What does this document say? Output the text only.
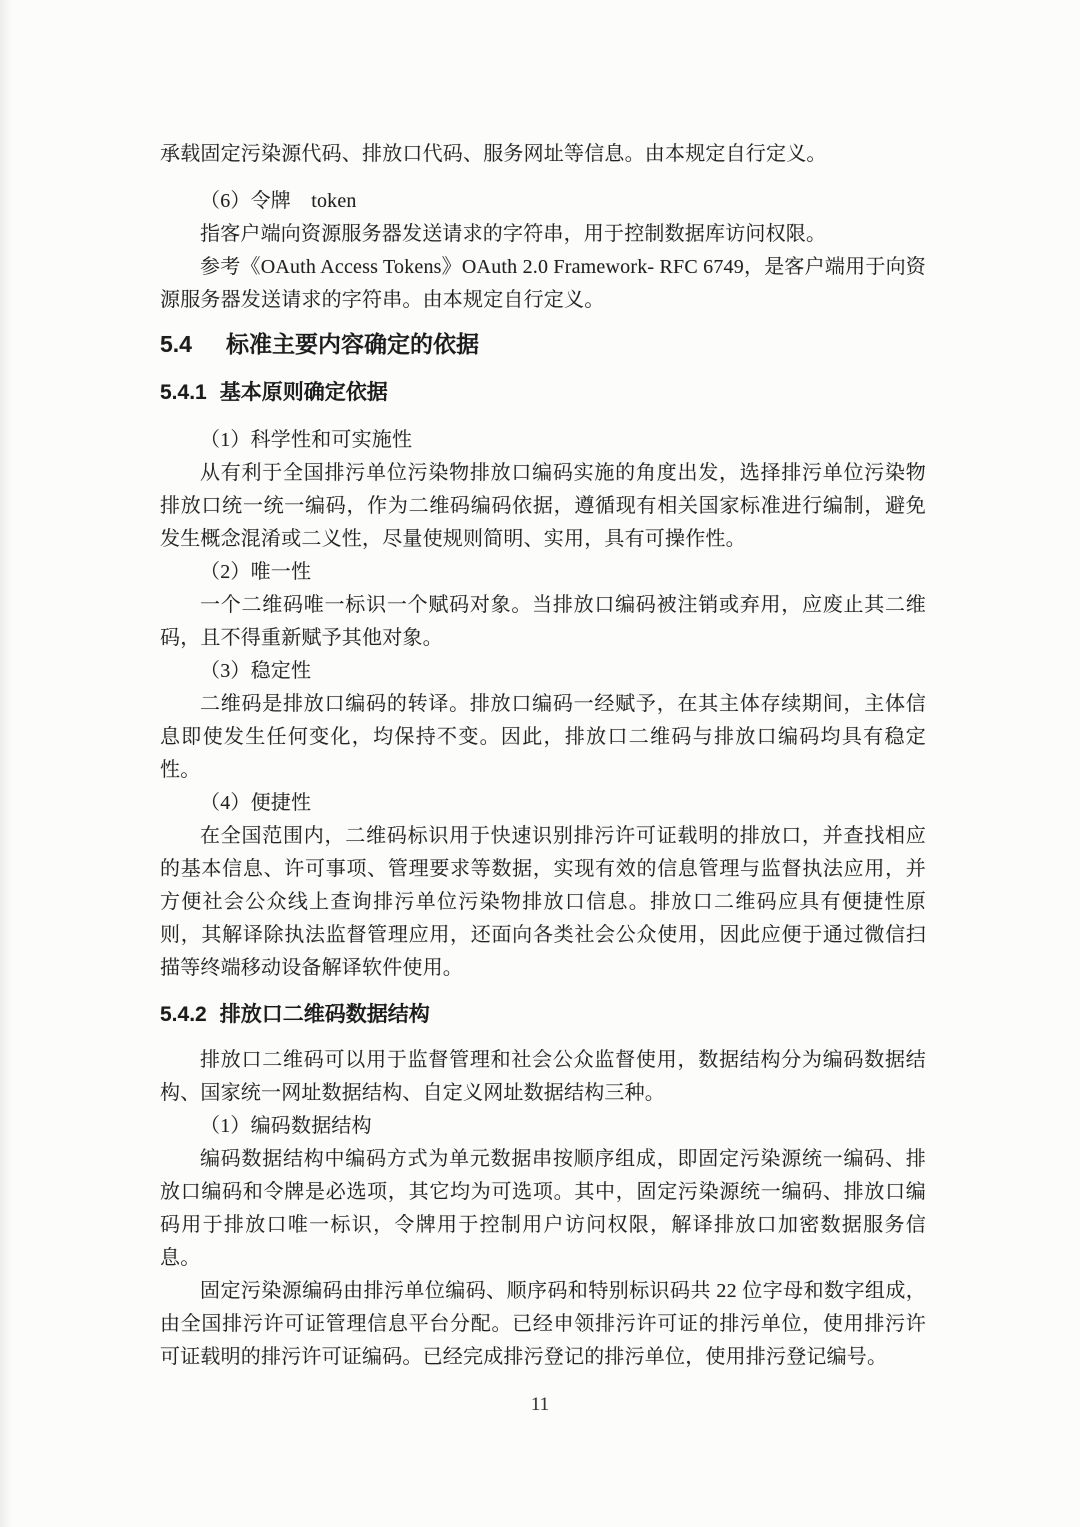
承载固定污染源代码、排放口代码、服务网址等信息。由本规定自行定义。

（6）令牌　token

指客户端向资源服务器发送请求的字符串，用于控制数据库访问权限。

参考《OAuth Access Tokens》OAuth 2.0 Framework- RFC 6749，是客户端用于向资源服务器发送请求的字符串。由本规定自行定义。

5.4 标准主要内容确定的依据
5.4.1 基本原则确定依据

（1）科学性和可实施性

从有利于全国排污单位污染物排放口编码实施的角度出发，选择排污单位污染物排放口统一统一编码，作为二维码编码依据，遵循现有相关国家标准进行编制，避免发生概念混淆或二义性，尽量使规则简明、实用，具有可操作性。

（2）唯一性

一个二维码唯一标识一个赋码对象。当排放口编码被注销或弃用，应废止其二维码，且不得重新赋予其他对象。

（3）稳定性

二维码是排放口编码的转译。排放口编码一经赋予，在其主体存续期间，主体信息即使发生任何变化，均保持不变。因此，排放口二维码与排放口编码均具有稳定性。

（4）便捷性

在全国范围内，二维码标识用于快速识别排污许可证载明的排放口，并查找相应的基本信息、许可事项、管理要求等数据，实现有效的信息管理与监督执法应用，并方便社会公众线上查询排污单位污染物排放口信息。排放口二维码应具有便捷性原则，其解译除执法监督管理应用，还面向各类社会公众使用，因此应便于通过微信扫描等终端移动设备解译软件使用。

5.4.2 排放口二维码数据结构

排放口二维码可以用于监督管理和社会公众监督使用，数据结构分为编码数据结构、国家统一网址数据结构、自定义网址数据结构三种。

（1）编码数据结构

编码数据结构中编码方式为单元数据串按顺序组成，即固定污染源统一编码、排放口编码和令牌是必选项，其它均为可选项。其中，固定污染源统一编码、排放口编码用于排放口唯一标识，令牌用于控制用户访问权限，解译排放口加密数据服务信息。

固定污染源编码由排污单位编码、顺序码和特别标识码共 22 位字母和数字组成，由全国排污许可证管理信息平台分配。已经申领排污许可证的排污单位，使用排污许可证载明的排污许可证编码。已经完成排污登记的排污单位，使用排污登记编号。

11
